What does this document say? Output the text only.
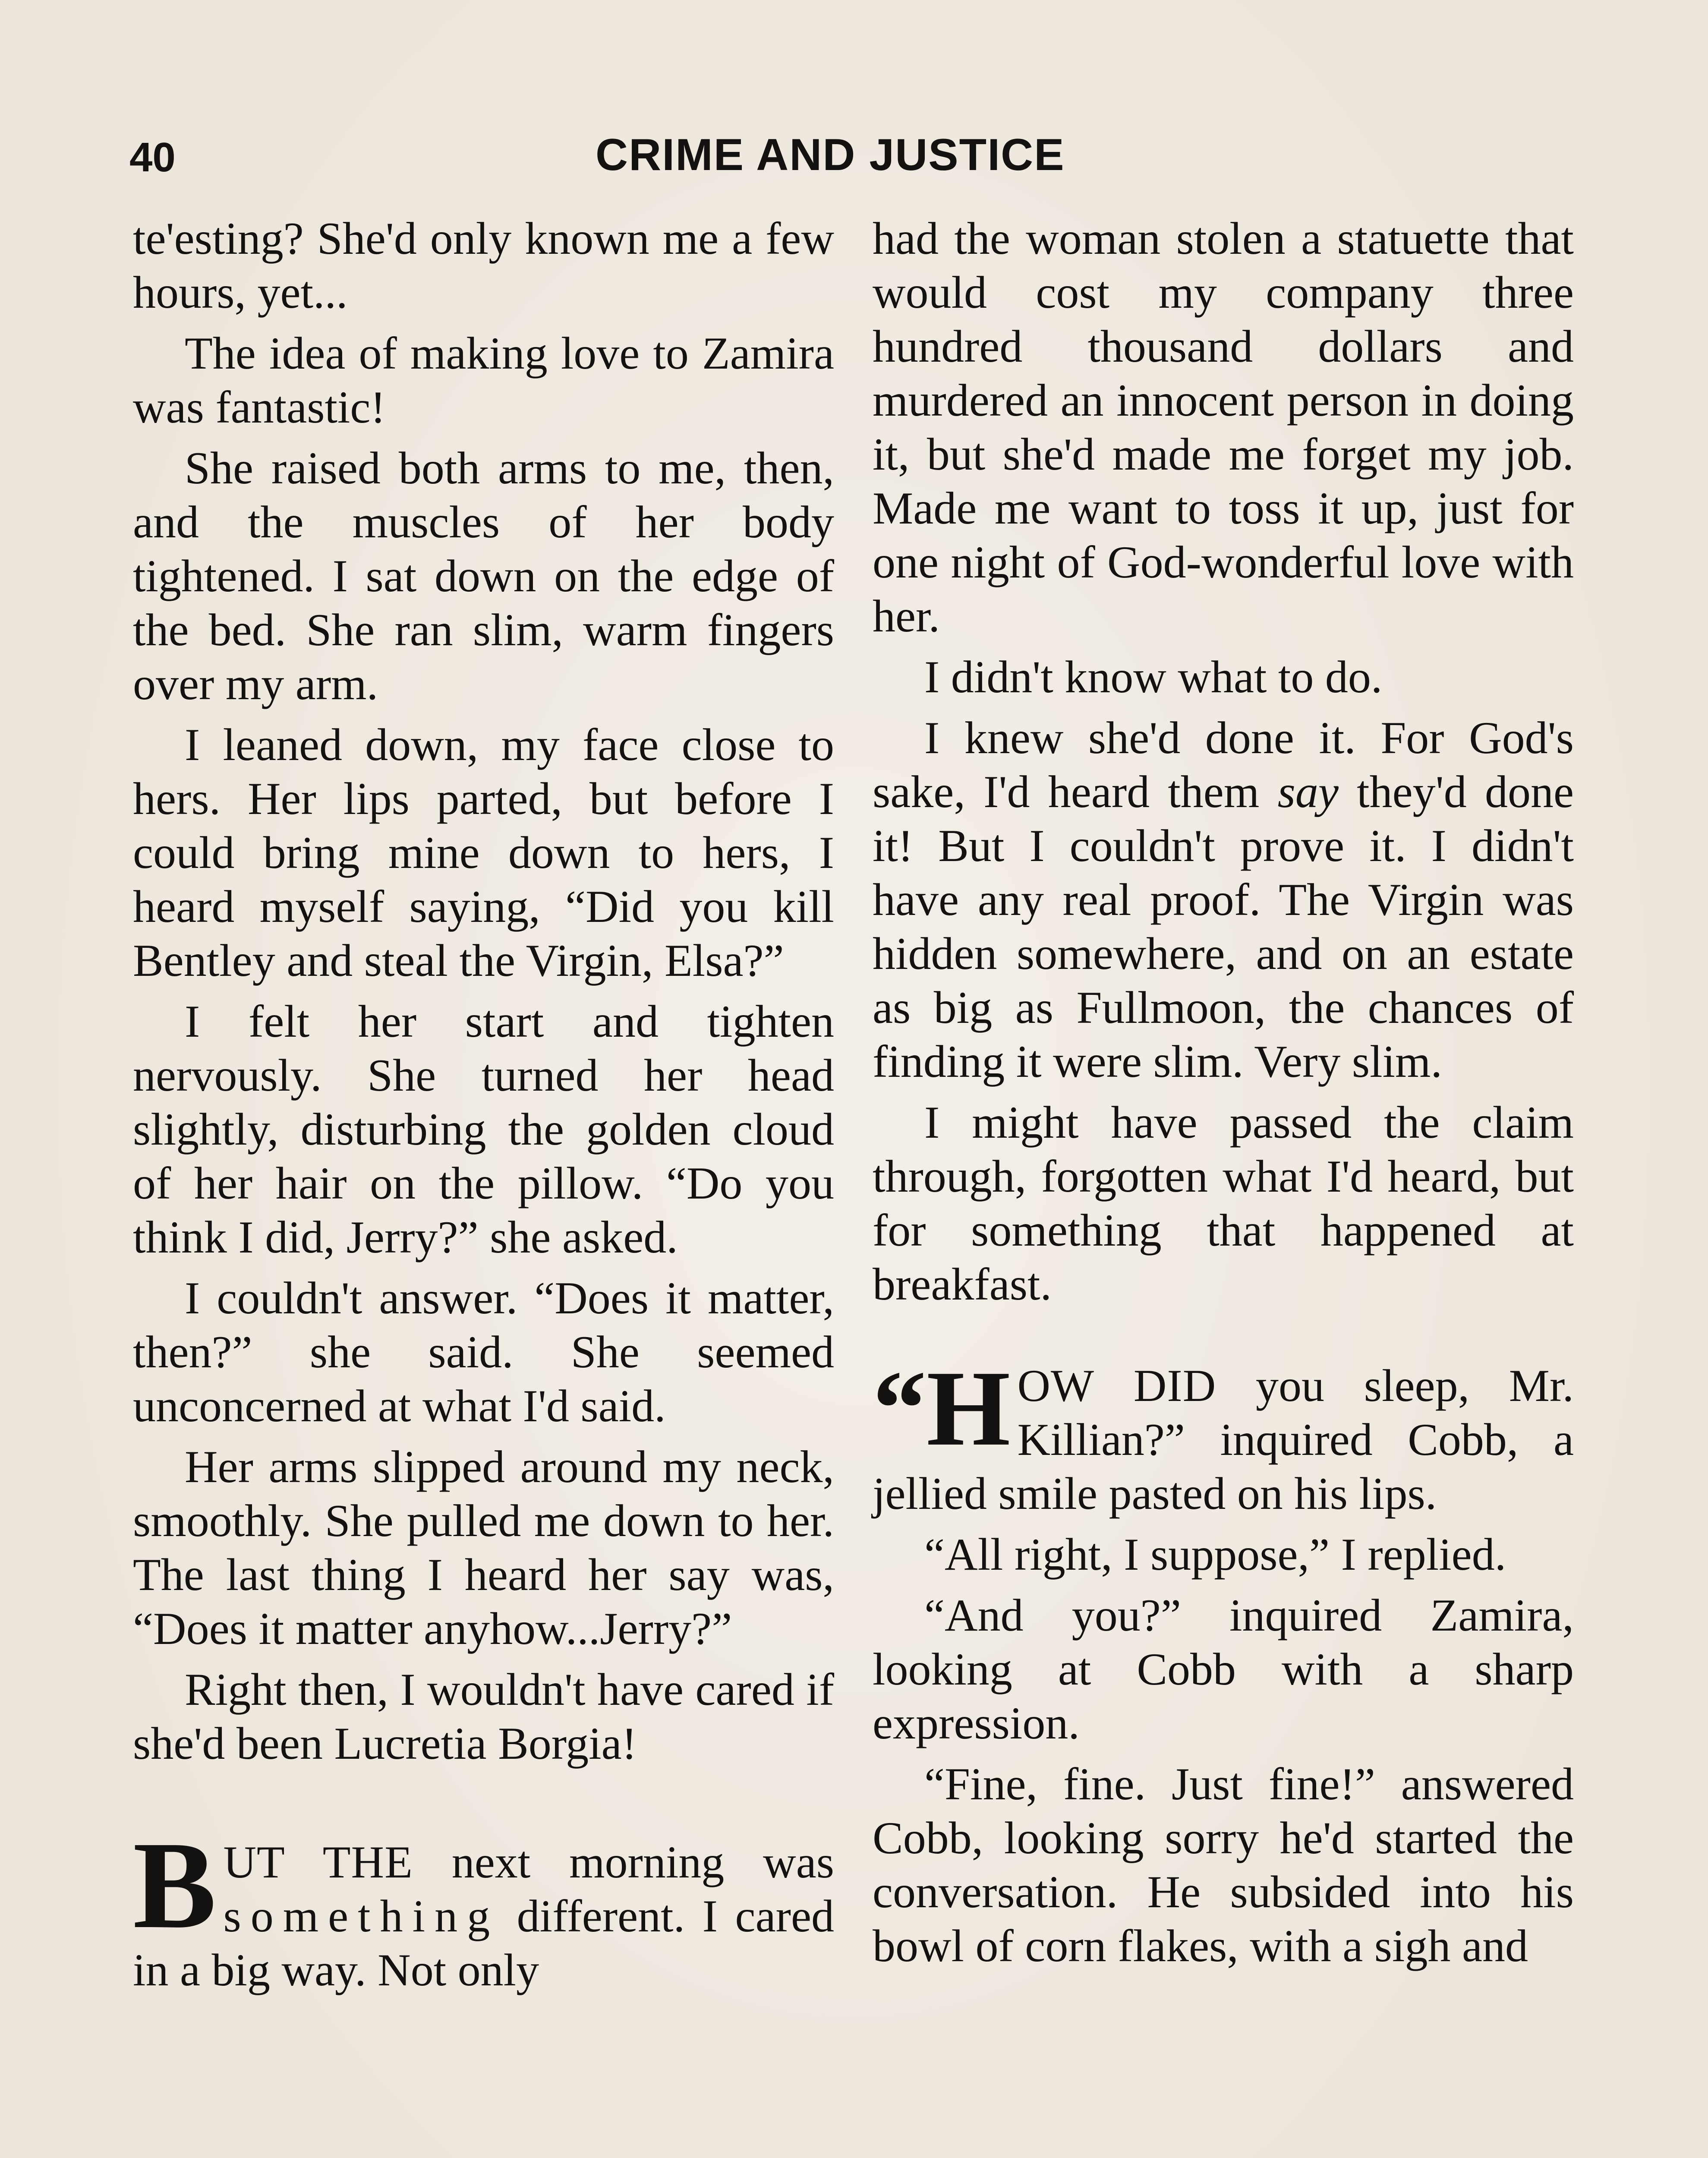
40	CRIME AND JUSTICE

te'esting? She'd only known me a few hours, yet...

The idea of making love to Zamira was fantastic!

She raised both arms to me, then, and the muscles of her body tightened. I sat down on the edge of the bed. She ran slim, warm fingers over my arm.

I leaned down, my face close to hers. Her lips parted, but before I could bring mine down to hers, I heard myself saying, “Did you kill Bentley and steal the Virgin, Elsa?”

I felt her start and tighten nervously. She turned her head slightly, disturbing the golden cloud of her hair on the pillow. “Do you think I did, Jerry?” she asked.

I couldn't answer. “Does it matter, then?” she said. She seemed unconcerned at what I'd said.

Her arms slipped around my neck, smoothly. She pulled me down to her. The last thing I heard her say was, “Does it matter anyhow...Jerry?”

Right then, I wouldn't have cared if she'd been Lucretia Borgia!

BUT THE next morning was something different. I cared in a big way. Not only

had the woman stolen a statuette that would cost my company three hundred thousand dollars and murdered an innocent person in doing it, but she'd made me forget my job. Made me want to toss it up, just for one night of God-wonderful love with her.

I didn't know what to do.

I knew she'd done it. For God's sake, I'd heard them say they'd done it! But I couldn't prove it. I didn't have any real proof. The Virgin was hidden somewhere, and on an estate as big as Fullmoon, the chances of finding it were slim. Very slim.

I might have passed the claim through, forgotten what I'd heard, but for something that happened at breakfast.

“HOW DID you sleep, Mr. Killian?” inquired Cobb, a jellied smile pasted on his lips.

“All right, I suppose,” I replied.

“And you?” inquired Zamira, looking at Cobb with a sharp expression.

“Fine, fine. Just fine!” answered Cobb, looking sorry he'd started the conversation. He subsided into his bowl of corn flakes, with a sigh and
